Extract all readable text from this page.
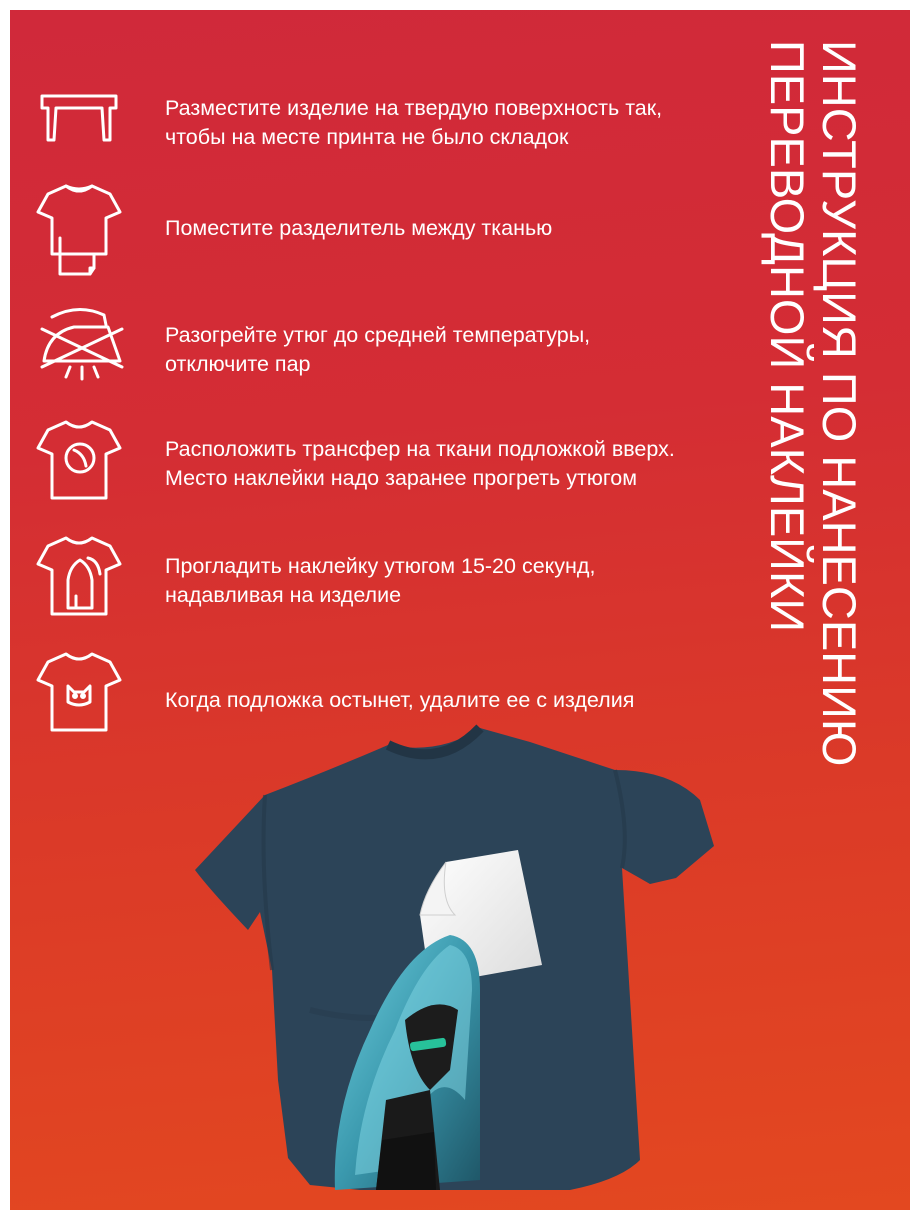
ИНСТРУКЦИЯ ПО НАНЕСЕНИЮ
ПЕРЕВОДНОЙ НАКЛЕЙКИ
Разместите изделие на твердую поверхность так,
чтобы на месте принта не было складок
Поместите разделитель между тканью
Разогрейте утюг до средней температуры,
отключите пар
Расположить трансфер на ткани подложкой вверх.
Место наклейки надо заранее прогреть утюгом
Прогладить наклейку утюгом 15-20 секунд,
надавливая на изделие
Когда подложка остынет, удалите ее с изделия
